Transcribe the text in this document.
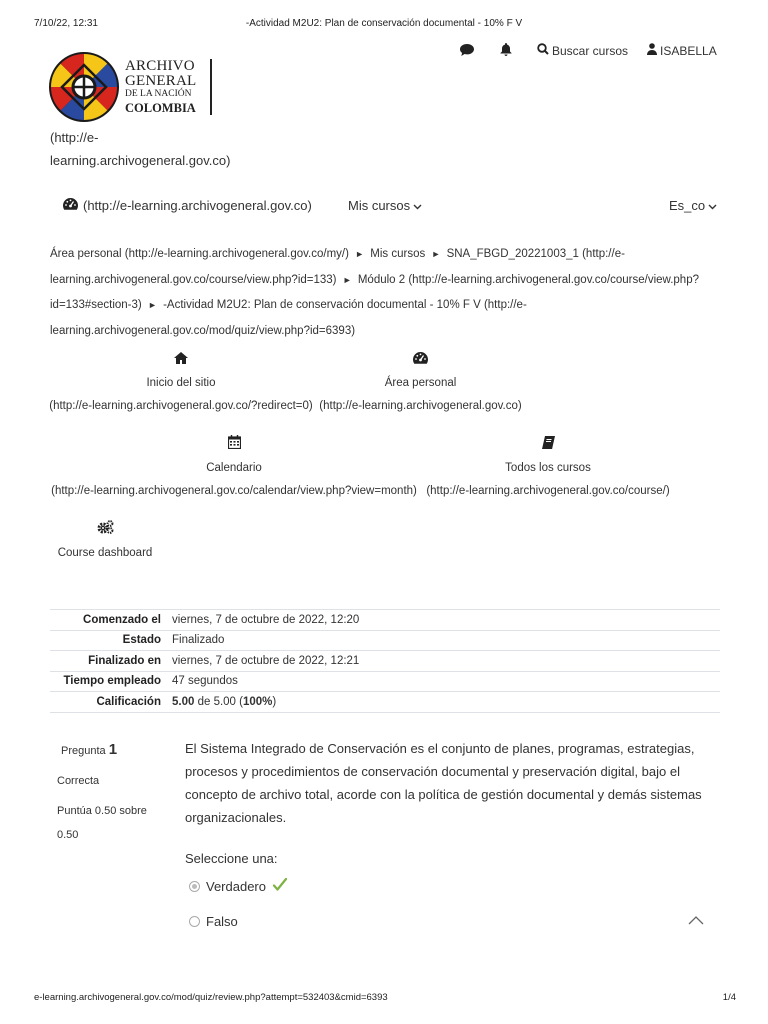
7/10/22, 12:31	-Actividad M2U2: Plan de conservación documental - 10% F V
Buscar cursos	ISABELLA
ARCHIVO
GENERAL
DE LA NACIÓN
COLOMBIA
(http://e-learning.archivogeneral.gov.co)
(http://e-learning.archivogeneral.gov.co)	Mis cursos	Es_co
Área personal (http://e-learning.archivogeneral.gov.co/my/) ► Mis cursos ► SNA_FBGD_20221003_1 (http://e-learning.archivogeneral.gov.co/course/view.php?id=133) ► Módulo 2 (http://e-learning.archivogeneral.gov.co/course/view.php?id=133#section-3) ► -Actividad M2U2: Plan de conservación documental - 10% F V (http://e-learning.archivogeneral.gov.co/mod/quiz/view.php?id=6393)
Inicio del sitio
(http://e-learning.archivogeneral.gov.co/?redirect=0)
Área personal
(http://e-learning.archivogeneral.gov.co)
Calendario
(http://e-learning.archivogeneral.gov.co/calendar/view.php?view=month)
Todos los cursos
(http://e-learning.archivogeneral.gov.co/course/)
Course dashboard
Comenzado el	viernes, 7 de octubre de 2022, 12:20
Estado	Finalizado
Finalizado en	viernes, 7 de octubre de 2022, 12:21
Tiempo empleado	47 segundos
Calificación	5.00 de 5.00 (100%)
Pregunta 1
Correcta
Puntúa 0.50 sobre 0.50
El Sistema Integrado de Conservación es el conjunto de planes, programas, estrategias, procesos y procedimientos de conservación documental y preservación digital, bajo el concepto de archivo total, acorde con la política de gestión documental y demás sistemas organizacionales.
Seleccione una:
Verdadero
Falso
e-learning.archivogeneral.gov.co/mod/quiz/review.php?attempt=532403&cmid=6393	1/4
